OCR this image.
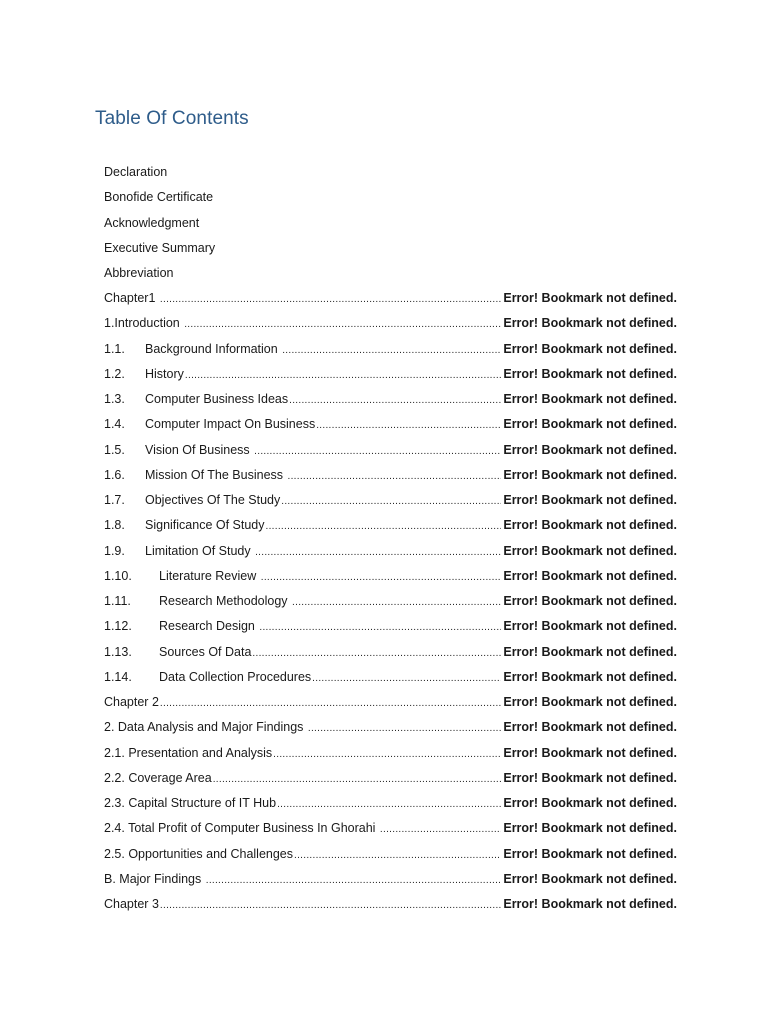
Table Of Contents
Declaration
Bonofide Certificate
Acknowledgment
Executive Summary
Abbreviation
Chapter1 .....	Error! Bookmark not defined.
1.Introduction .....	Error! Bookmark not defined.
1.1.	Background Information .....	Error! Bookmark not defined.
1.2.	History .....	Error! Bookmark not defined.
1.3.	Computer Business Ideas .....	Error! Bookmark not defined.
1.4.	Computer Impact On Business .....	Error! Bookmark not defined.
1.5.	Vision Of Business .....	Error! Bookmark not defined.
1.6.	Mission Of The Business .....	Error! Bookmark not defined.
1.7.	Objectives Of The Study .....	Error! Bookmark not defined.
1.8.	Significance Of Study .....	Error! Bookmark not defined.
1.9.	Limitation Of Study .....	Error! Bookmark not defined.
1.10.	Literature Review .....	Error! Bookmark not defined.
1.11.	Research Methodology .....	Error! Bookmark not defined.
1.12.	Research Design .....	Error! Bookmark not defined.
1.13.	Sources Of Data .....	Error! Bookmark not defined.
1.14.	Data Collection Procedures .....	Error! Bookmark not defined.
Chapter 2 .....	Error! Bookmark not defined.
2. Data Analysis and Major Findings .....	Error! Bookmark not defined.
2.1. Presentation and Analysis .....	Error! Bookmark not defined.
2.2. Coverage Area .....	Error! Bookmark not defined.
2.3. Capital Structure of IT Hub .....	Error! Bookmark not defined.
2.4. Total Profit of Computer Business In Ghorahi .....	Error! Bookmark not defined.
2.5. Opportunities and Challenges .....	Error! Bookmark not defined.
B. Major Findings .....	Error! Bookmark not defined.
Chapter 3 .....	Error! Bookmark not defined.
